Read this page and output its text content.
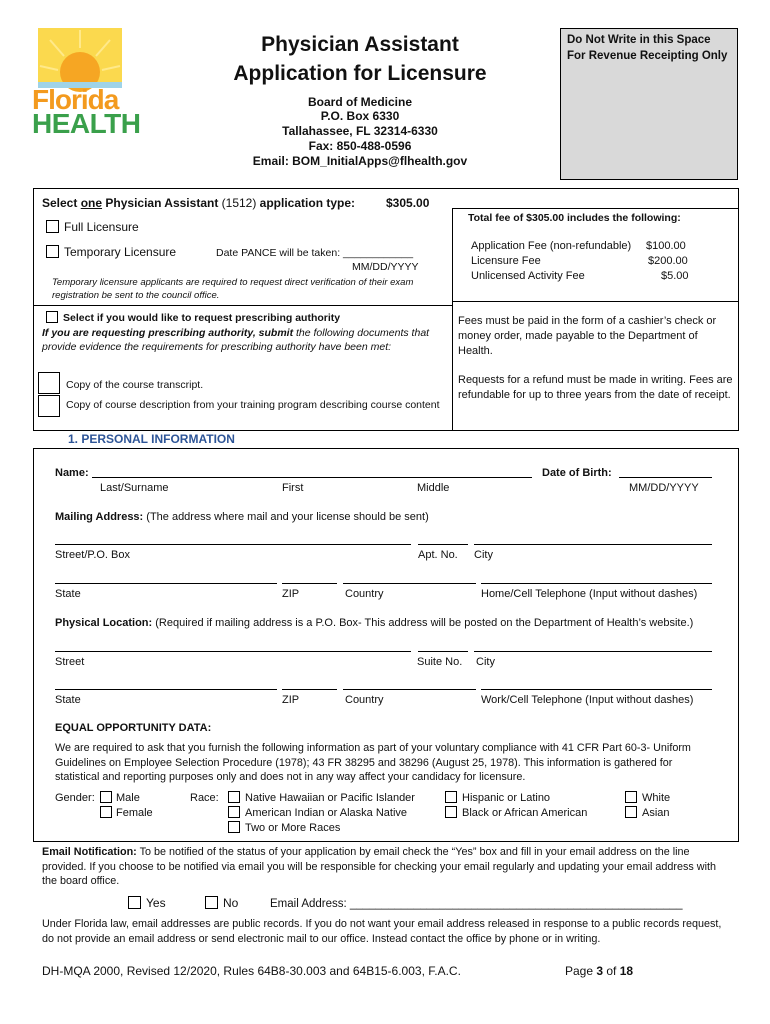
Florida
HEALTH
Physician Assistant
Application for Licensure
Board of Medicine
P.O. Box 6330
Tallahassee, FL 32314-6330
Fax: 850-488-0596
Email: BOM_InitialApps@flhealth.gov
Do Not Write in this Space
For Revenue Receipting Only
Select one Physician Assistant (1512) application type:	$305.00
Full Licensure
Temporary Licensure	Date PANCE will be taken: ____________
MM/DD/YYYY
Temporary licensure applicants are required to request direct verification of their exam registration be sent to the council office.
Total fee of $305.00 includes the following:
Application Fee (non-refundable) $100.00
Licensure Fee	$200.00
Unlicensed Activity Fee	$5.00
Fees must be paid in the form of a cashier’s check or money order, made payable to the Department of Health.
Requests for a refund must be made in writing. Fees are refundable for up to three years from the date of receipt.
Select if you would like to request prescribing authority
If you are requesting prescribing authority, submit the following documents that provide evidence the requirements for prescribing authority have been met:
Copy of the course transcript.
Copy of course description from your training program describing course content
1. PERSONAL INFORMATION
Name:	Date of Birth:
Last/Surname	First	Middle	MM/DD/YYYY
Mailing Address: (The address where mail and your license should be sent)
Street/P.O. Box	Apt. No. City
State	ZIP	Country	Home/Cell Telephone (Input without dashes)
Physical Location: (Required if mailing address is a P.O. Box- This address will be posted on the Department of Health’s website.)
Street	Suite No. City
State	ZIP	Country	Work/Cell Telephone (Input without dashes)
EQUAL OPPORTUNITY DATA:
We are required to ask that you furnish the following information as part of your voluntary compliance with 41 CFR Part 60-3- Uniform Guidelines on Employee Selection Procedure (1978); 43 FR 38295 and 38296 (August 25, 1978). This information is gathered for statistical and reporting purposes only and does not in any way affect your candidacy for licensure.
Gender: Male
Female
Race: Native Hawaiian or Pacific Islander
American Indian or Alaska Native
Two or More Races
Hispanic or Latino
Black or African American
White
Asian
Email Notification: To be notified of the status of your application by email check the “Yes” box and fill in your email address on the line provided. If you choose to be notified via email you will be responsible for checking your email regularly and updating your email address with the board office.
Yes	No	Email Address: ____________________________________________________
Under Florida law, email addresses are public records. If you do not want your email address released in response to a public records request, do not provide an email address or send electronic mail to our office. Instead contact the office by phone or in writing.
DH-MQA 2000, Revised 12/2020, Rules 64B8-30.003 and 64B15-6.003, F.A.C.	Page 3 of 18
